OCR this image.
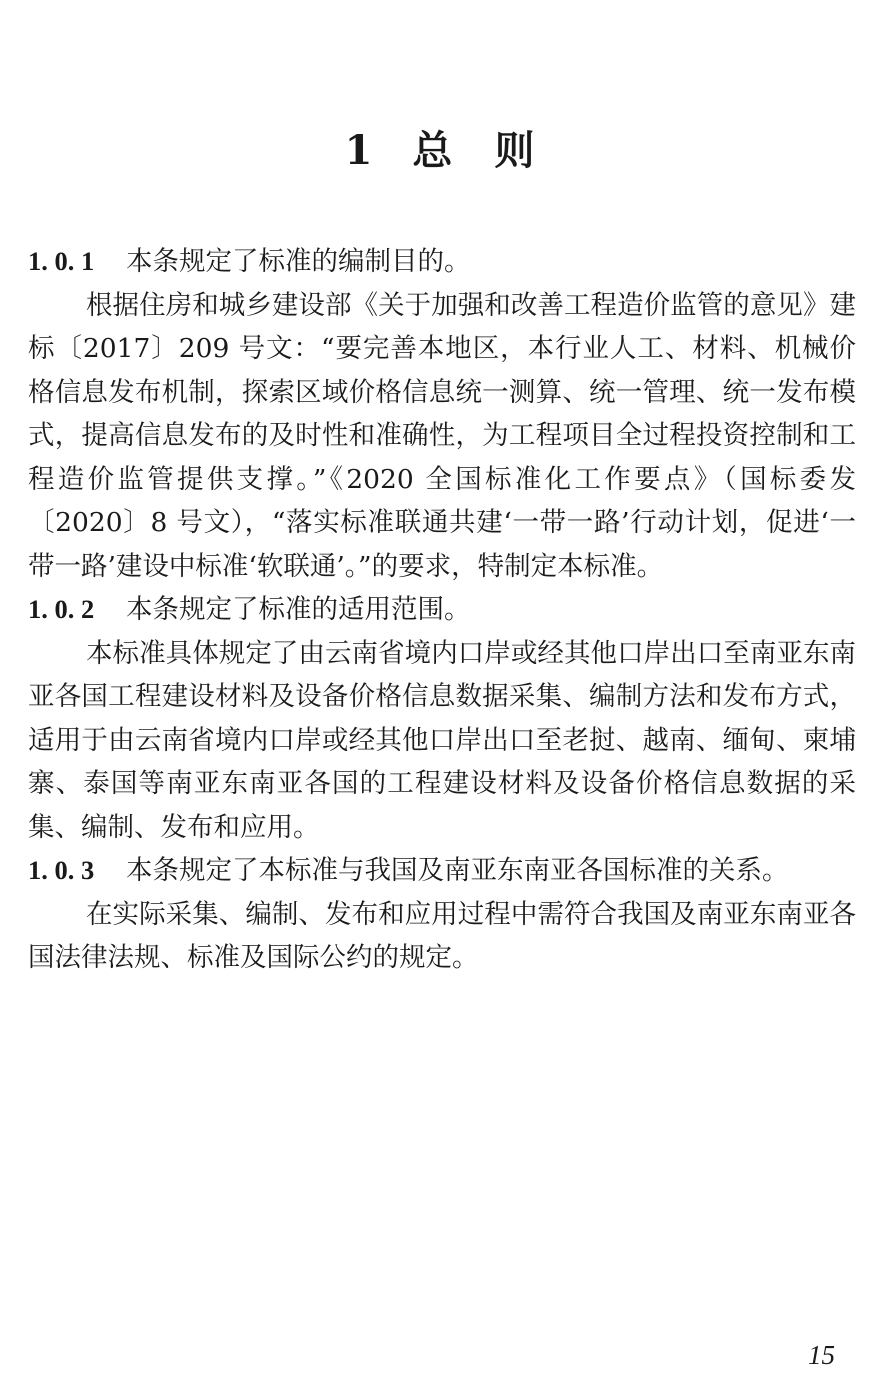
1 总 则

1. 0. 1 本条规定了标准的编制目的。

根据住房和城乡建设部《关于加强和改善工程造价监管的意见》建标〔2017〕209 号文：“要完善本地区，本行业人工、材料、机械价格信息发布机制，探索区域价格信息统一测算、统一管理、统一发布模式，提高信息发布的及时性和准确性，为工程项目全过程投资控制和工程造价监管提供支撑。”《2020 全国标准化工作要点》（国标委发〔2020〕8 号文），“落实标准联通共建‘一带一路’行动计划，促进‘一带一路’建设中标准‘软联通’。”的要求，特制定本标准。

1. 0. 2 本条规定了标准的适用范围。

本标准具体规定了由云南省境内口岸或经其他口岸出口至南亚东南亚各国工程建设材料及设备价格信息数据采集、编制方法和发布方式，适用于由云南省境内口岸或经其他口岸出口至老挝、越南、缅甸、柬埔寨、泰国等南亚东南亚各国的工程建设材料及设备价格信息数据的采集、编制、发布和应用。

1. 0. 3 本条规定了本标准与我国及南亚东南亚各国标准的关系。

在实际采集、编制、发布和应用过程中需符合我国及南亚东南亚各国法律法规、标准及国际公约的规定。

15
